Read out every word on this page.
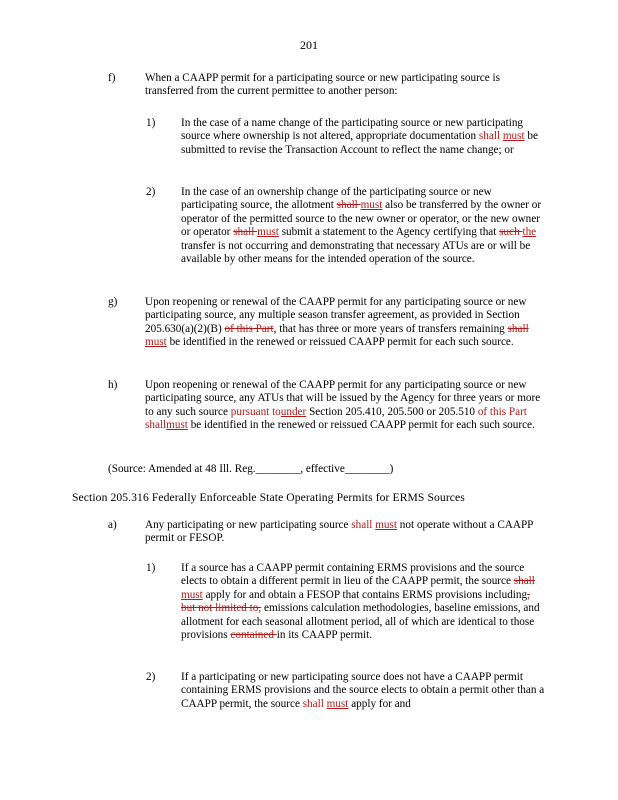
201
f)	When a CAAPP permit for a participating source or new participating source is transferred from the current permittee to another person:
1) In the case of a name change of the participating source or new participating source where ownership is not altered, appropriate documentation shall must be submitted to revise the Transaction Account to reflect the name change; or
2) In the case of an ownership change of the participating source or new participating source, the allotment shall must also be transferred by the owner or operator of the permitted source to the new owner or operator, or the new owner or operator shall must submit a statement to the Agency certifying that such the transfer is not occurring and demonstrating that necessary ATUs are or will be available by other means for the intended operation of the source.
g) Upon reopening or renewal of the CAAPP permit for any participating source or new participating source, any multiple season transfer agreement, as provided in Section 205.630(a)(2)(B) of this Part, that has three or more years of transfers remaining shall must be identified in the renewed or reissued CAAPP permit for each such source.
h) Upon reopening or renewal of the CAAPP permit for any participating source or new participating source, any ATUs that will be issued by the Agency for three years or more to any such source pursuant tounder Section 205.410, 205.500 or 205.510 of this Part shallmust be identified in the renewed or reissued CAAPP permit for each such source.
(Source: Amended at 48 Ill. Reg.________, effective________)
Section 205.316 Federally Enforceable State Operating Permits for ERMS Sources
a)	Any participating or new participating source shall must not operate without a CAAPP permit or FESOP.
1) If a source has a CAAPP permit containing ERMS provisions and the source elects to obtain a different permit in lieu of the CAAPP permit, the source shall must apply for and obtain a FESOP that contains ERMS provisions including, but not limited to, emissions calculation methodologies, baseline emissions, and allotment for each seasonal allotment period, all of which are identical to those provisions contained in its CAAPP permit.
2) If a participating or new participating source does not have a CAAPP permit containing ERMS provisions and the source elects to obtain a permit other than a CAAPP permit, the source shall must apply for and
